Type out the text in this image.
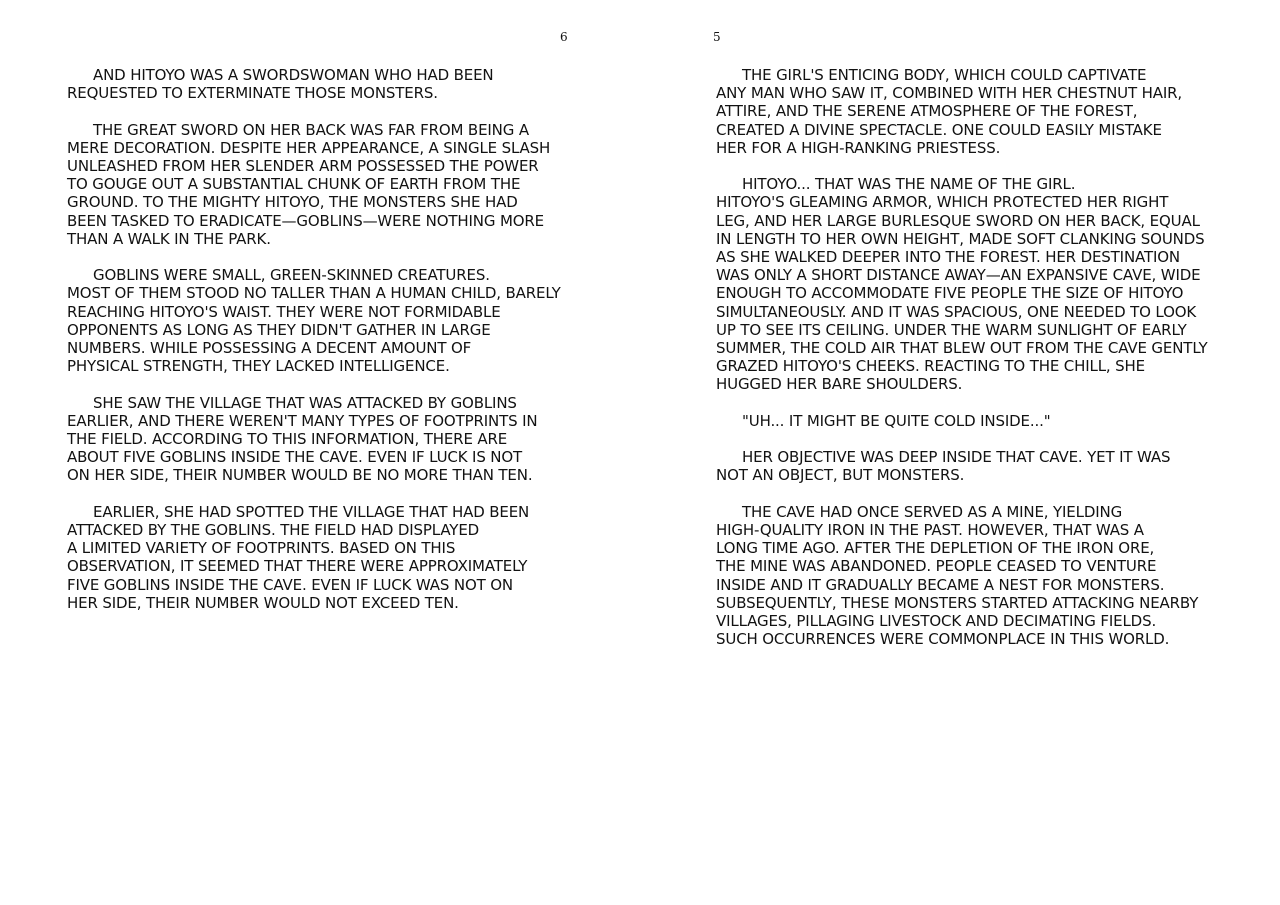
6
AND HITOYO WAS A SWORDSWOMAN WHO HAD BEEN
REQUESTED TO EXTERMINATE THOSE MONSTERS.
THE GREAT SWORD ON HER BACK WAS FAR FROM BEING A
MERE DECORATION. DESPITE HER APPEARANCE, A SINGLE SLASH
UNLEASHED FROM HER SLENDER ARM POSSESSED THE POWER
TO GOUGE OUT A SUBSTANTIAL CHUNK OF EARTH FROM THE
GROUND. TO THE MIGHTY HITOYO, THE MONSTERS SHE HAD
BEEN TASKED TO ERADICATE—GOBLINS—WERE NOTHING MORE
THAN A WALK IN THE PARK.
GOBLINS WERE SMALL, GREEN-SKINNED CREATURES.
MOST OF THEM STOOD NO TALLER THAN A HUMAN CHILD, BARELY
REACHING HITOYO'S WAIST. THEY WERE NOT FORMIDABLE
OPPONENTS AS LONG AS THEY DIDN'T GATHER IN LARGE
NUMBERS. WHILE POSSESSING A DECENT AMOUNT OF
PHYSICAL STRENGTH, THEY LACKED INTELLIGENCE.
SHE SAW THE VILLAGE THAT WAS ATTACKED BY GOBLINS
EARLIER, AND THERE WEREN'T MANY TYPES OF FOOTPRINTS IN
THE FIELD. ACCORDING TO THIS INFORMATION, THERE ARE
ABOUT FIVE GOBLINS INSIDE THE CAVE. EVEN IF LUCK IS NOT
ON HER SIDE, THEIR NUMBER WOULD BE NO MORE THAN TEN.
EARLIER, SHE HAD SPOTTED THE VILLAGE THAT HAD BEEN
ATTACKED BY THE GOBLINS. THE FIELD HAD DISPLAYED
A LIMITED VARIETY OF FOOTPRINTS. BASED ON THIS
OBSERVATION, IT SEEMED THAT THERE WERE APPROXIMATELY
FIVE GOBLINS INSIDE THE CAVE. EVEN IF LUCK WAS NOT ON
HER SIDE, THEIR NUMBER WOULD NOT EXCEED TEN.
5
THE GIRL'S ENTICING BODY, WHICH COULD CAPTIVATE
ANY MAN WHO SAW IT, COMBINED WITH HER CHESTNUT HAIR,
ATTIRE, AND THE SERENE ATMOSPHERE OF THE FOREST,
CREATED A DIVINE SPECTACLE. ONE COULD EASILY MISTAKE
HER FOR A HIGH-RANKING PRIESTESS.
HITOYO... THAT WAS THE NAME OF THE GIRL.
HITOYO'S GLEAMING ARMOR, WHICH PROTECTED HER RIGHT
LEG, AND HER LARGE BURLESQUE SWORD ON HER BACK, EQUAL
IN LENGTH TO HER OWN HEIGHT, MADE SOFT CLANKING SOUNDS
AS SHE WALKED DEEPER INTO THE FOREST. HER DESTINATION
WAS ONLY A SHORT DISTANCE AWAY—AN EXPANSIVE CAVE, WIDE
ENOUGH TO ACCOMMODATE FIVE PEOPLE THE SIZE OF HITOYO
SIMULTANEOUSLY. AND IT WAS SPACIOUS, ONE NEEDED TO LOOK
UP TO SEE ITS CEILING. UNDER THE WARM SUNLIGHT OF EARLY
SUMMER, THE COLD AIR THAT BLEW OUT FROM THE CAVE GENTLY
GRAZED HITOYO'S CHEEKS. REACTING TO THE CHILL, SHE
HUGGED HER BARE SHOULDERS.
"UH... IT MIGHT BE QUITE COLD INSIDE..."
HER OBJECTIVE WAS DEEP INSIDE THAT CAVE. YET IT WAS
NOT AN OBJECT, BUT MONSTERS.
THE CAVE HAD ONCE SERVED AS A MINE, YIELDING
HIGH-QUALITY IRON IN THE PAST. HOWEVER, THAT WAS A
LONG TIME AGO. AFTER THE DEPLETION OF THE IRON ORE,
THE MINE WAS ABANDONED. PEOPLE CEASED TO VENTURE
INSIDE AND IT GRADUALLY BECAME A NEST FOR MONSTERS.
SUBSEQUENTLY, THESE MONSTERS STARTED ATTACKING NEARBY
VILLAGES, PILLAGING LIVESTOCK AND DECIMATING FIELDS.
SUCH OCCURRENCES WERE COMMONPLACE IN THIS WORLD.
